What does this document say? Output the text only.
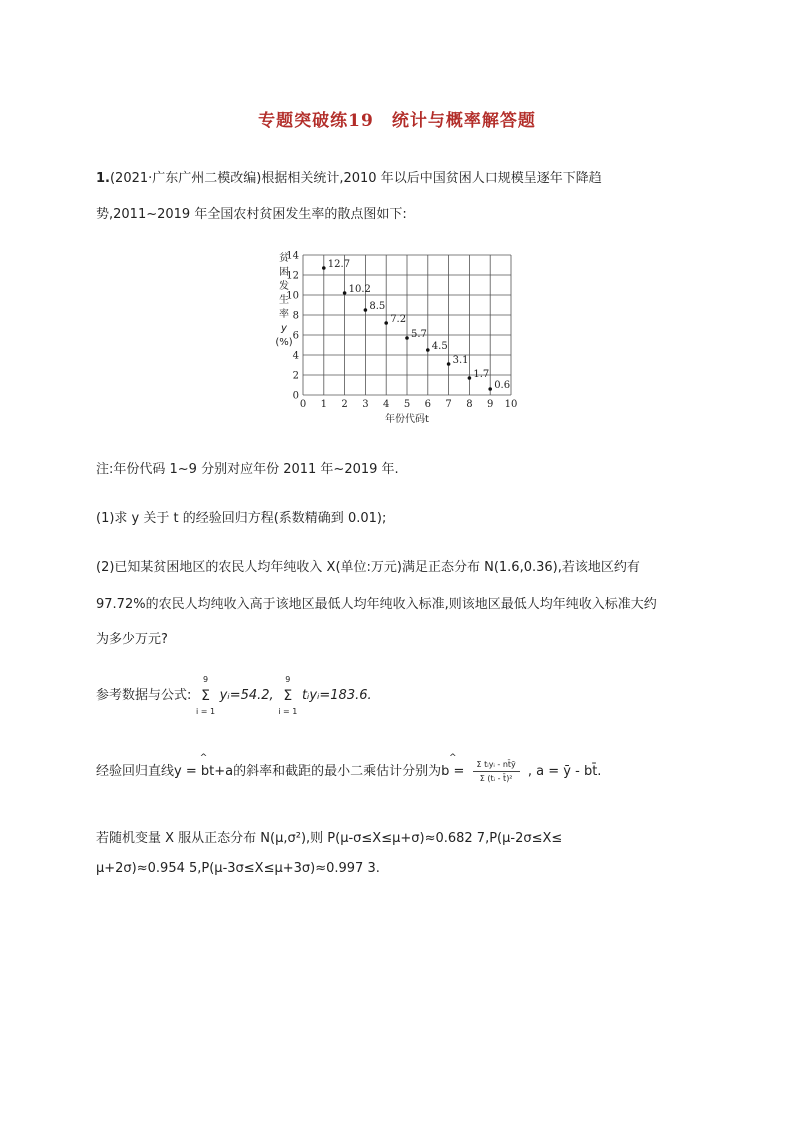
专题突破练19　统计与概率解答题
1.(2021·广东广州二模改编)根据相关统计,2010 年以后中国贫困人口规模呈逐年下降趋
势,2011~2019 年全国农村贫困发生率的散点图如下:
0 1 2 3 4 5 6 7 8 9 10
0
2
4
6
8
10
12
14
贫
困
发
生
率
y
(%)
12.7
10.2
8.5
7.2
5.7
4.5
3.1
1.7
0.6
年份代码t
注:年份代码 1~9 分别对应年份 2011 年~2019 年.
(1)求 y 关于 t 的经验回归方程(系数精确到 0.01);
(2)已知某贫困地区的农民人均年纯收入 X(单位:万元)满足正态分布 N(1.6,0.36),若该地区约有
97.72%的农民人均纯收入高于该地区最低人均年纯收入标准,则该地区最低人均年纯收入标准大约
为多少万元?
参考数据与公式:
9
Σ
i = 1
yᵢ=54.2,
9
Σ
i = 1
tᵢyᵢ=183.6.
经验回归直线^ y = bt+a的斜率和截距的最小二乘估计分别为^ $b = \frac{\text{Σ tᵢyᵢ - nt̄ȳ}}{\text{Σ (tᵢ - t̄)²}}$ , a = ȳ - bt̄.
若随机变量 X 服从正态分布 N(μ,σ²),则 P(μ-σ≤X≤μ+σ)≈0.682 7,P(μ-2σ≤X≤
μ+2σ)≈0.954 5,P(μ-3σ≤X≤μ+3σ)≈0.997 3.
